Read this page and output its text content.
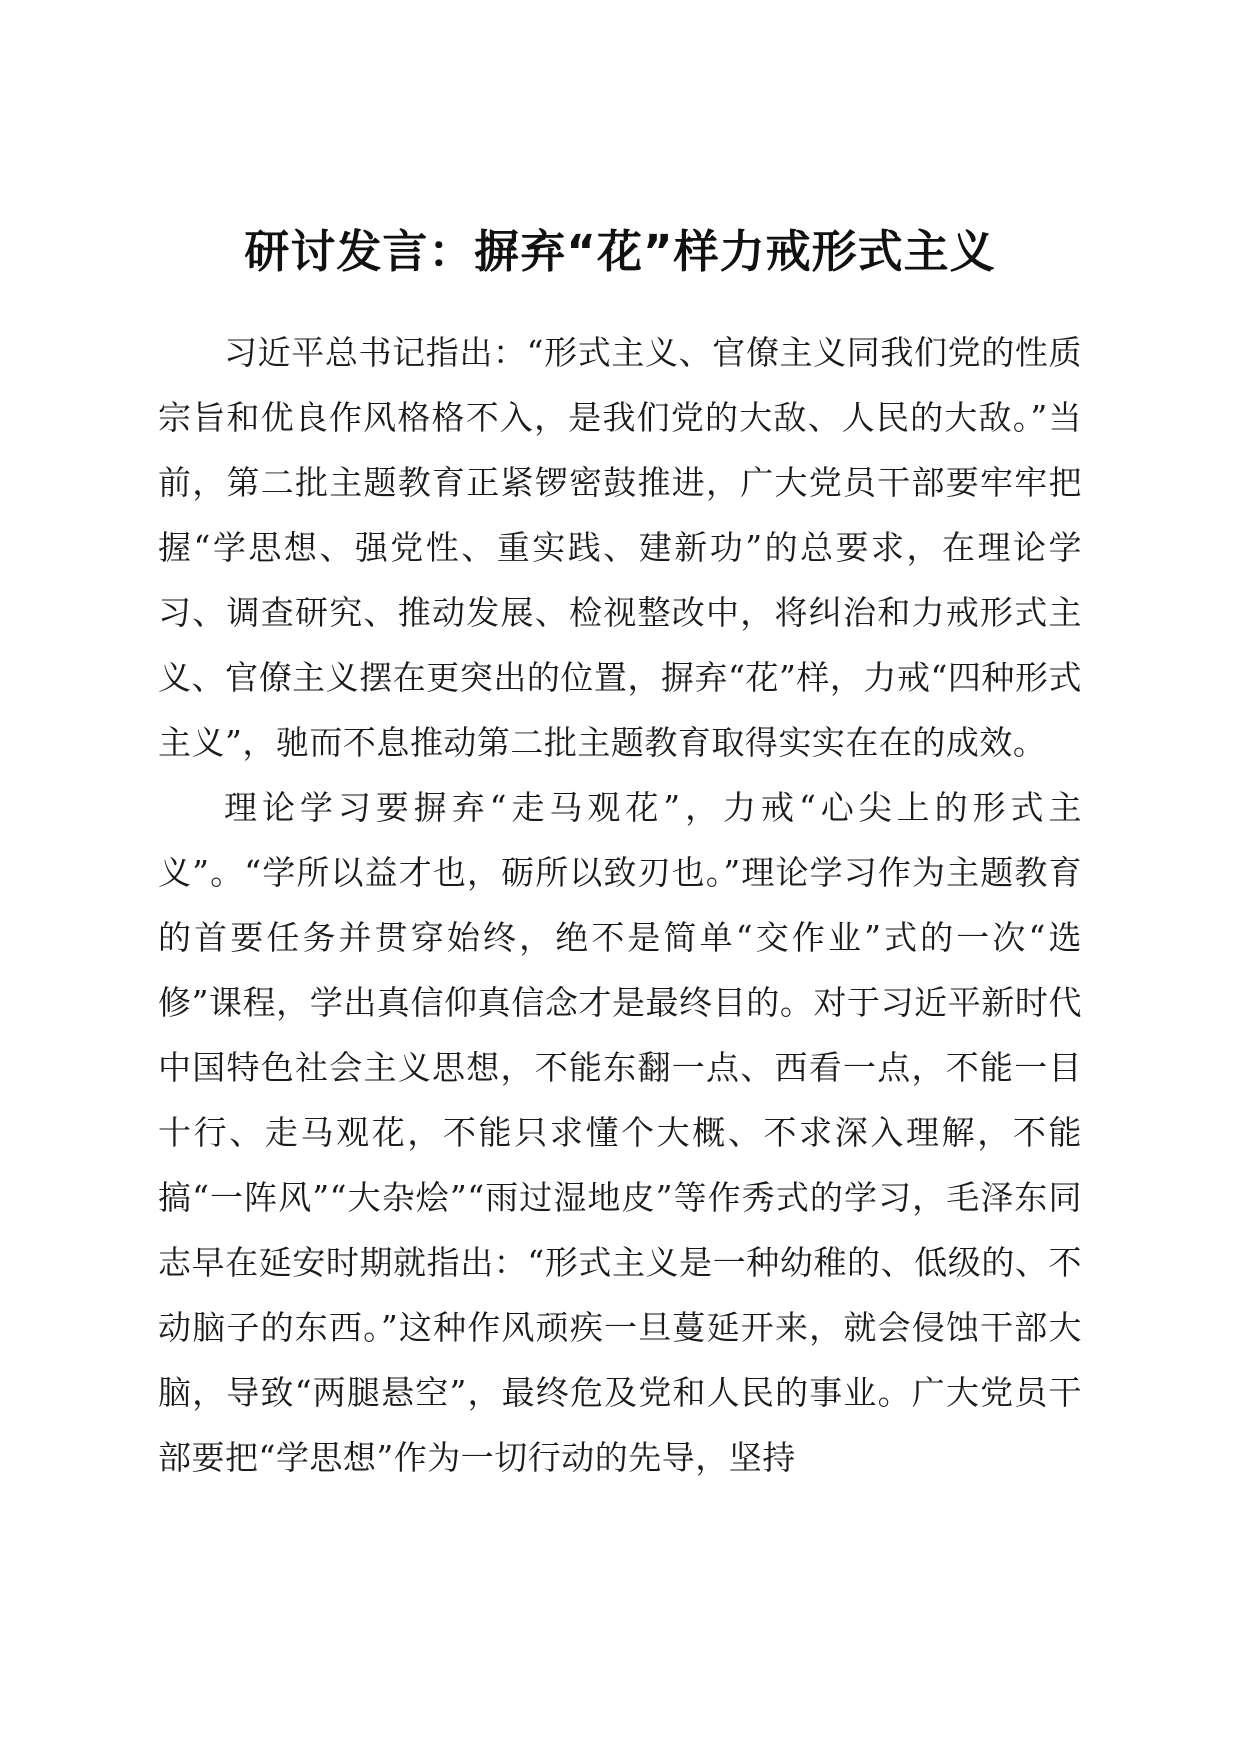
研讨发言：摒弃“花”样力戒形式主义

习近平总书记指出：“形式主义、官僚主义同我们党的性质宗旨和优良作风格格不入，是我们党的大敌、人民的大敌。”当前，第二批主题教育正紧锣密鼓推进，广大党员干部要牢牢把握“学思想、强党性、重实践、建新功”的总要求，在理论学习、调查研究、推动发展、检视整改中，将纠治和力戒形式主义、官僚主义摆在更突出的位置，摒弃“花”样，力戒“四种形式主义”，驰而不息推动第二批主题教育取得实实在在的成效。

理论学习要摒弃“走马观花”，力戒“心尖上的形式主义”。“学所以益才也，砺所以致刃也。”理论学习作为主题教育的首要任务并贯穿始终，绝不是简单“交作业”式的一次“选修”课程，学出真信仰真信念才是最终目的。对于习近平新时代中国特色社会主义思想，不能东翻一点、西看一点，不能一目十行、走马观花，不能只求懂个大概、不求深入理解，不能搞“一阵风”“大杂烩”“雨过湿地皮”等作秀式的学习，毛泽东同志早在延安时期就指出：“形式主义是一种幼稚的、低级的、不动脑子的东西。”这种作风顽疾一旦蔓延开来，就会侵蚀干部大脑，导致“两腿悬空”，最终危及党和人民的事业。广大党员干部要把“学思想”作为一切行动的先导，坚持
